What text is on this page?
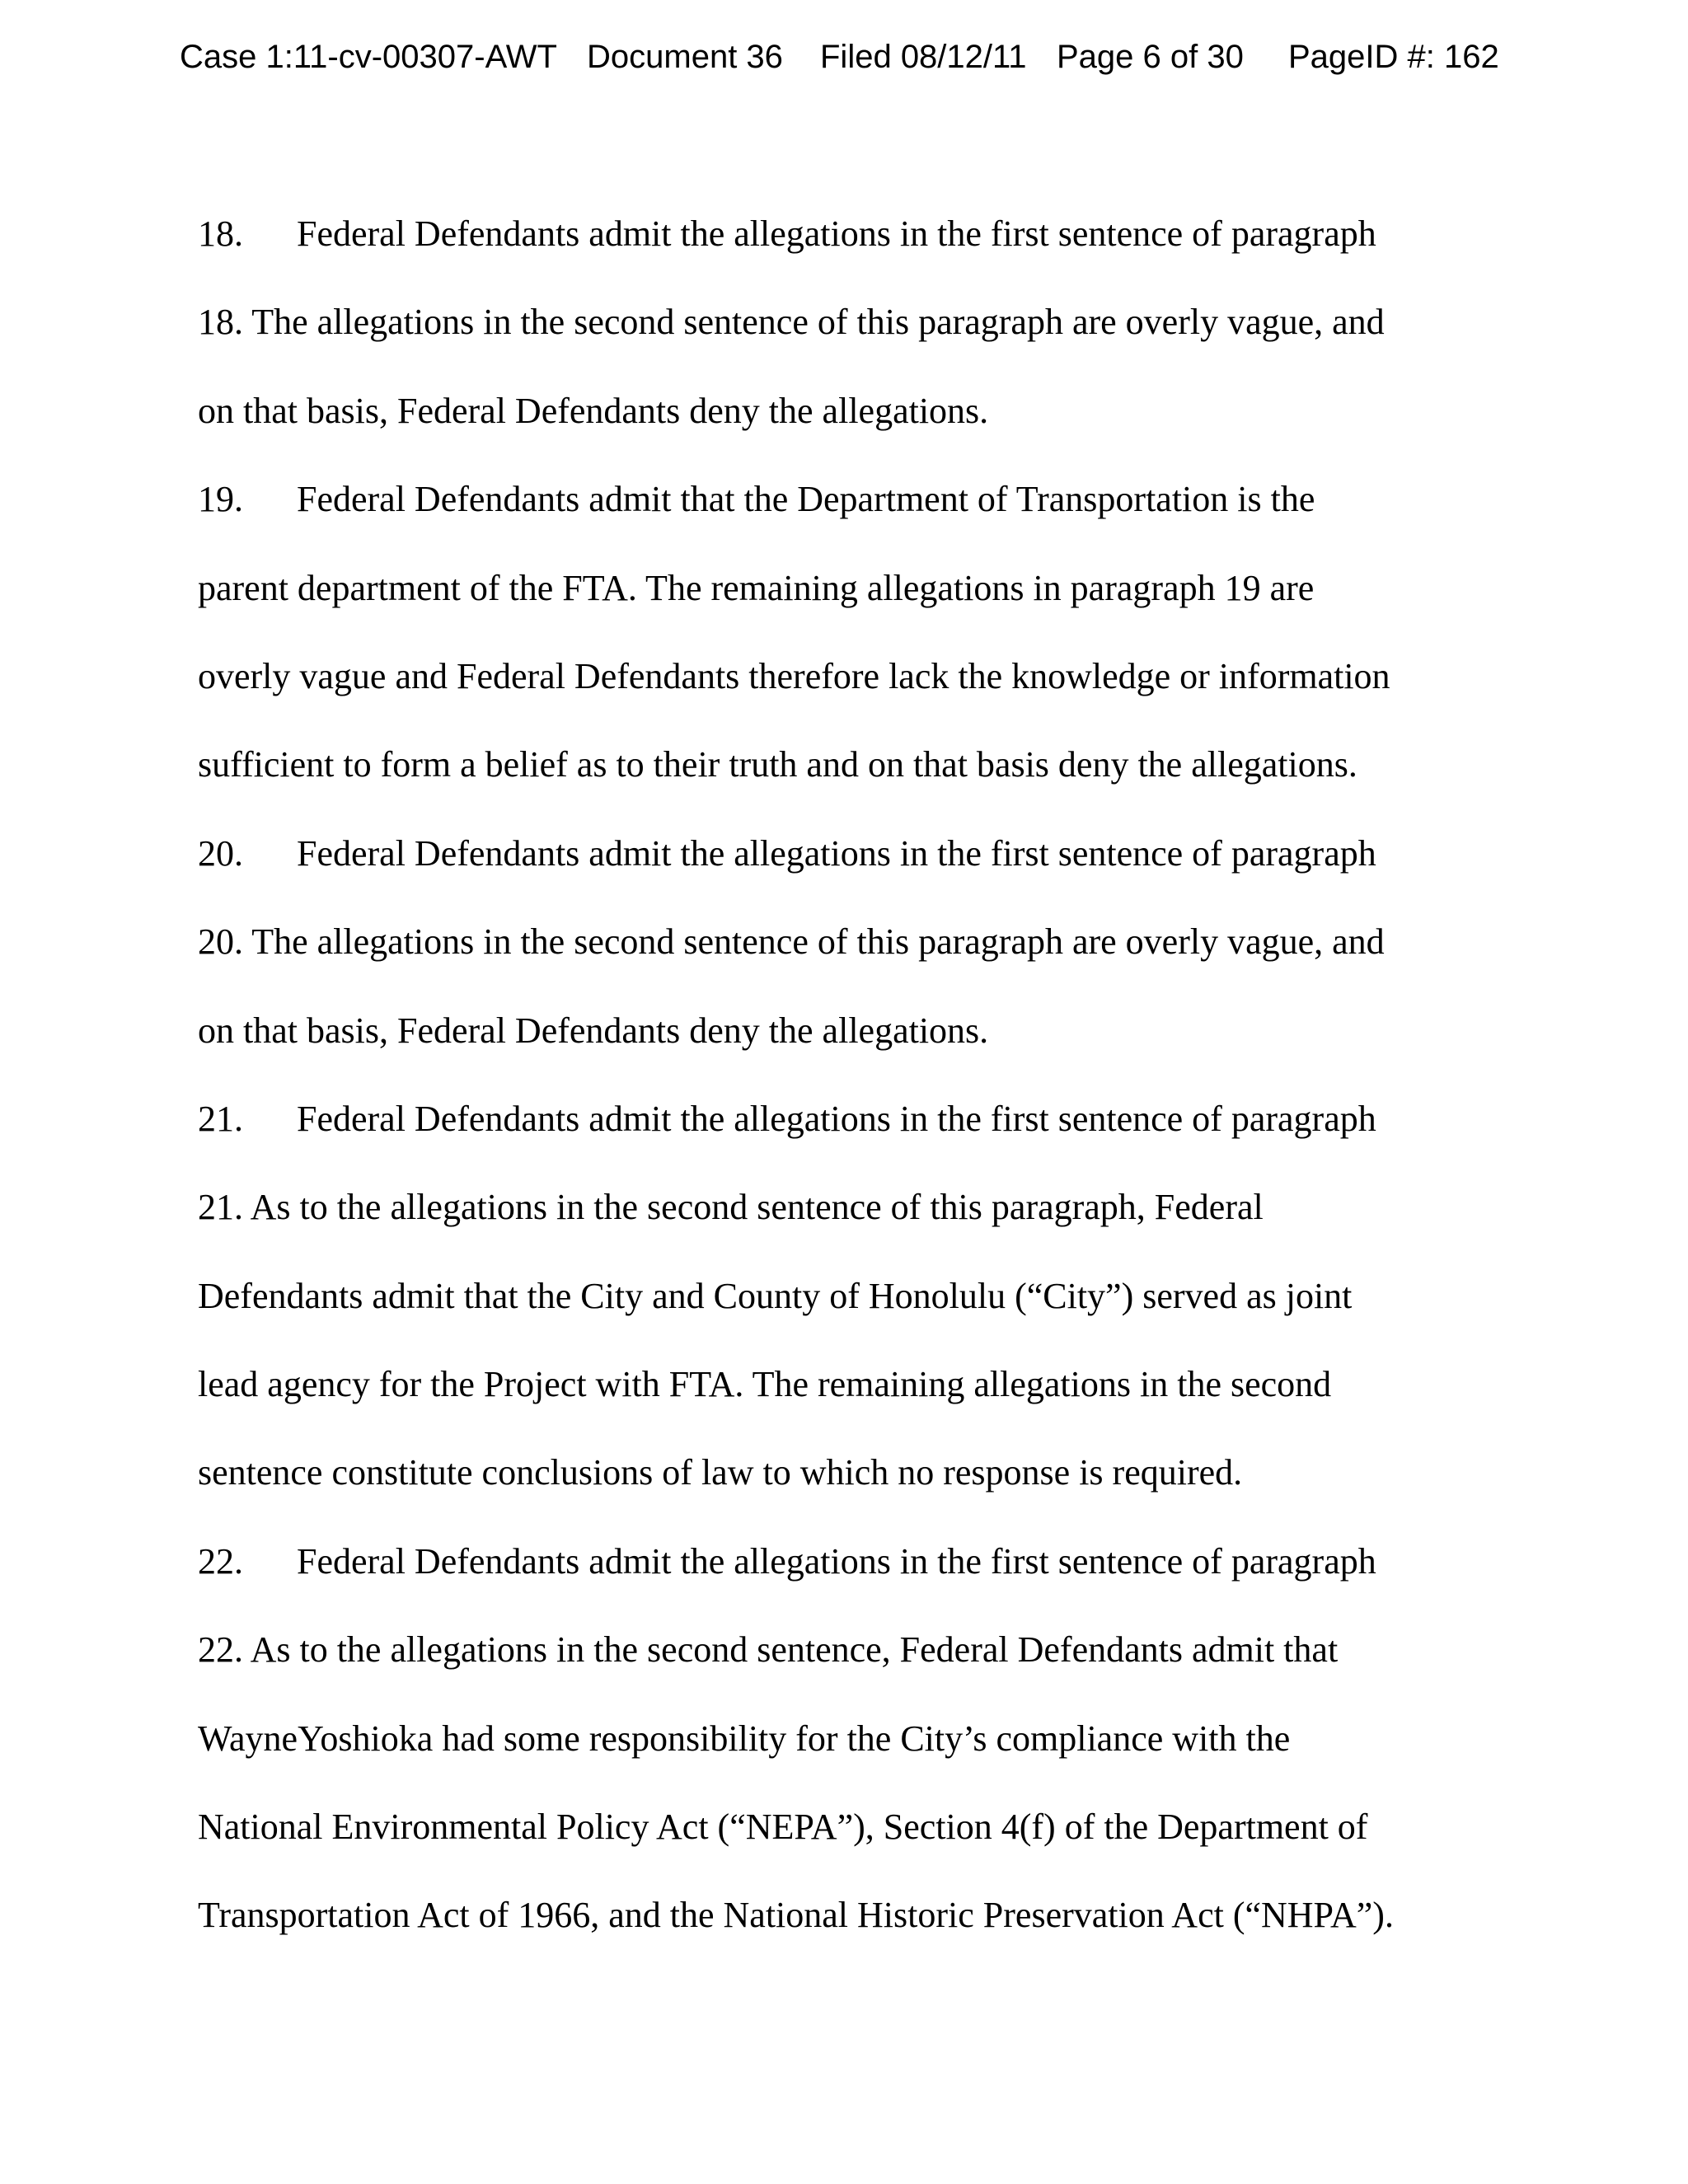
Case 1:11-cv-00307-AWT Document 36 Filed 08/12/11 Page 6 of 30 PageID #: 162
18. Federal Defendants admit the allegations in the first sentence of paragraph
18. The allegations in the second sentence of this paragraph are overly vague, and
on that basis, Federal Defendants deny the allegations.
19. Federal Defendants admit that the Department of Transportation is the
parent department of the FTA. The remaining allegations in paragraph 19 are
overly vague and Federal Defendants therefore lack the knowledge or information
sufficient to form a belief as to their truth and on that basis deny the allegations.
20. Federal Defendants admit the allegations in the first sentence of paragraph
20. The allegations in the second sentence of this paragraph are overly vague, and
on that basis, Federal Defendants deny the allegations.
21. Federal Defendants admit the allegations in the first sentence of paragraph
21. As to the allegations in the second sentence of this paragraph, Federal
Defendants admit that the City and County of Honolulu (“City”) served as joint
lead agency for the Project with FTA. The remaining allegations in the second
sentence constitute conclusions of law to which no response is required.
22. Federal Defendants admit the allegations in the first sentence of paragraph
22. As to the allegations in the second sentence, Federal Defendants admit that
WayneYoshioka had some responsibility for the City’s compliance with the
National Environmental Policy Act (“NEPA”), Section 4(f) of the Department of
Transportation Act of 1966, and the National Historic Preservation Act (“NHPA”).
